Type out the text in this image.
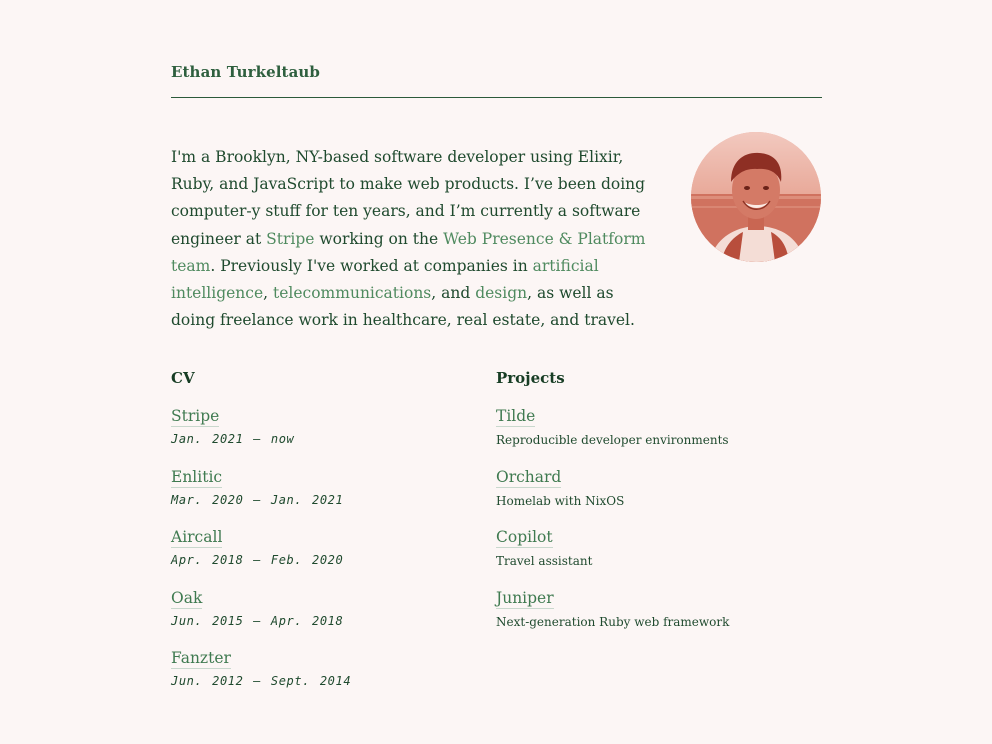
Ethan Turkeltaub

I'm a Brooklyn, NY-based software developer using Elixir, Ruby, and JavaScript to make web products. I’ve been doing computer-y stuff for ten years, and I’m currently a software engineer at Stripe working on the Web Presence & Platform team. Previously I've worked at companies in artificial intelligence, telecommunications, and design, as well as doing freelance work in healthcare, real estate, and travel.

CV
Stripe
Jan. 2021 – now
Enlitic
Mar. 2020 – Jan. 2021
Aircall
Apr. 2018 – Feb. 2020
Oak
Jun. 2015 – Apr. 2018
Fanzter
Jun. 2012 – Sept. 2014
Projects
Tilde
Reproducible developer environments
Orchard
Homelab with NixOS
Copilot
Travel assistant
Juniper
Next-generation Ruby web framework
